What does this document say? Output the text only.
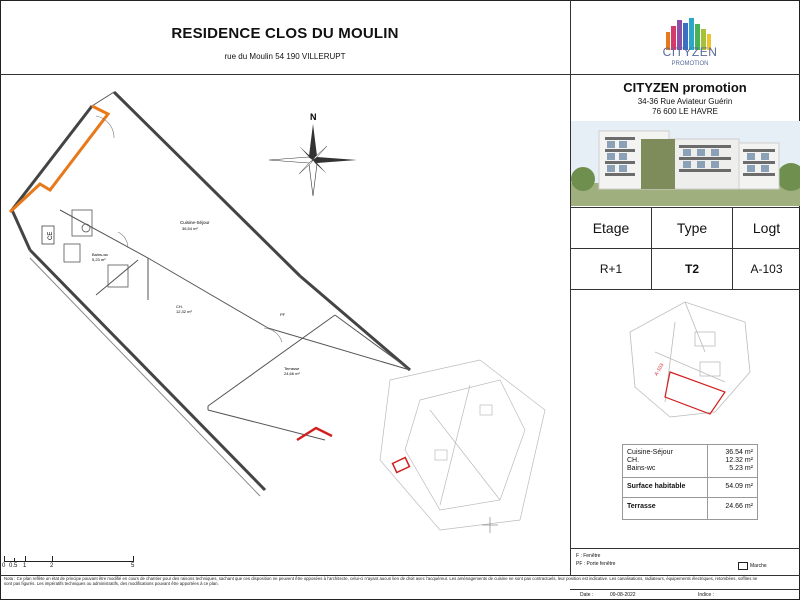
RESIDENCE CLOS DU MOULIN
rue du Moulin 54 190 VILLERUPT	CITYZEN
PROMOTION
CITYZEN promotion
34-36 Rue Aviateur Guérin
76 600 LE HAVRE
Etage	Type	Logt
R+1	T2	A-103
A-103
Cuisine-Séjour	36.54 m²
CH.	12.32 m²
Bains-wc	5.23 m²
Surface habitable	54.09 m²
Terrasse	24.66 m²
F : Fenêtre
PF : Porte fenêtre	Marche
N
CE
Cuisine-Séjour
36,54 m²
Bains-wc
5,23 m²
CH.
12,32 m²
Terrasse
24,66 m²
PF
0 0.5 1	2	5
Nota : Ce plan reflète un état de principe pouvant être modifié en cours de chantier pour des raisons techniques, sachant que ces disposition ne peuvent être opposées à l'architecte, celui-ci n'ayant aucun lien de droit avec l'acquéreur. Les aménagements de cuisine ne sont pas contractuels, leur position est indicative. Les canalisations, radiateurs, équipements électriques, retombées, soffites ne sont pas figurés. Les impératifs techniques ou administratifs, des modifications pouvant être apportées à ce plan.
Date :	09-08-2022	Indice :
